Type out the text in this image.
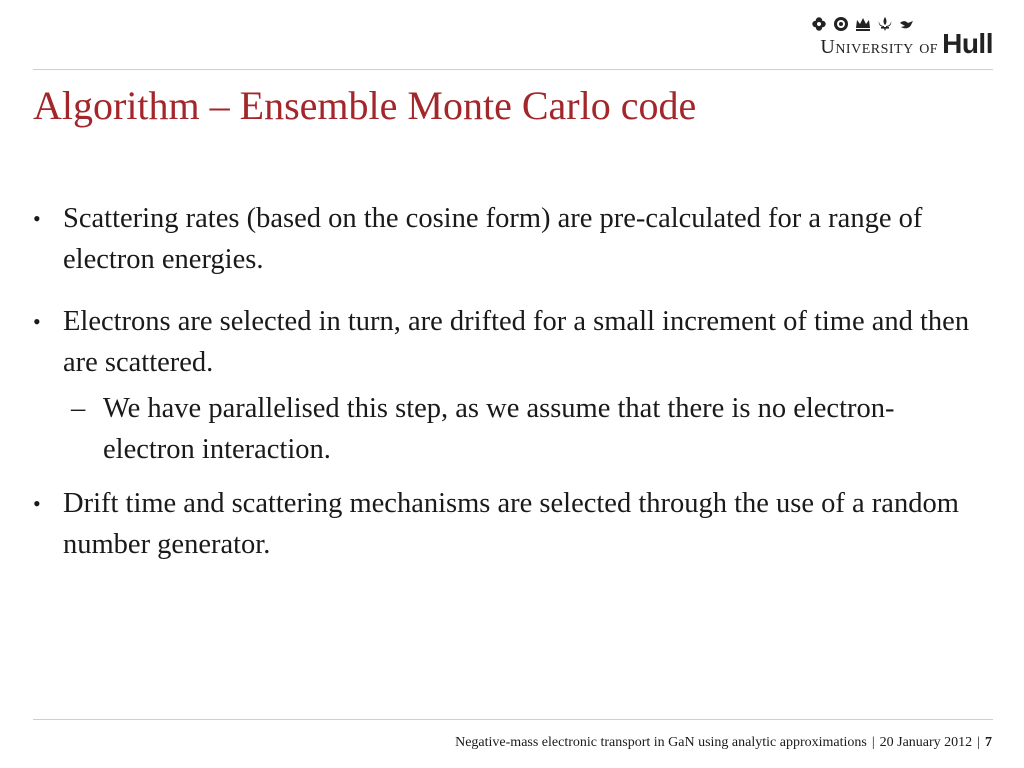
University of Hull
Algorithm – Ensemble Monte Carlo code
• Scattering rates (based on the cosine form) are pre-calculated for a range of electron energies.
• Electrons are selected in turn, are drifted for a small increment of time and then are scattered.
– We have parallelised this step, as we assume that there is no electron-electron interaction.
• Drift time and scattering mechanisms are selected through the use of a random number generator.
Negative-mass electronic transport in GaN using analytic approximations | 20 January 2012 | 7
